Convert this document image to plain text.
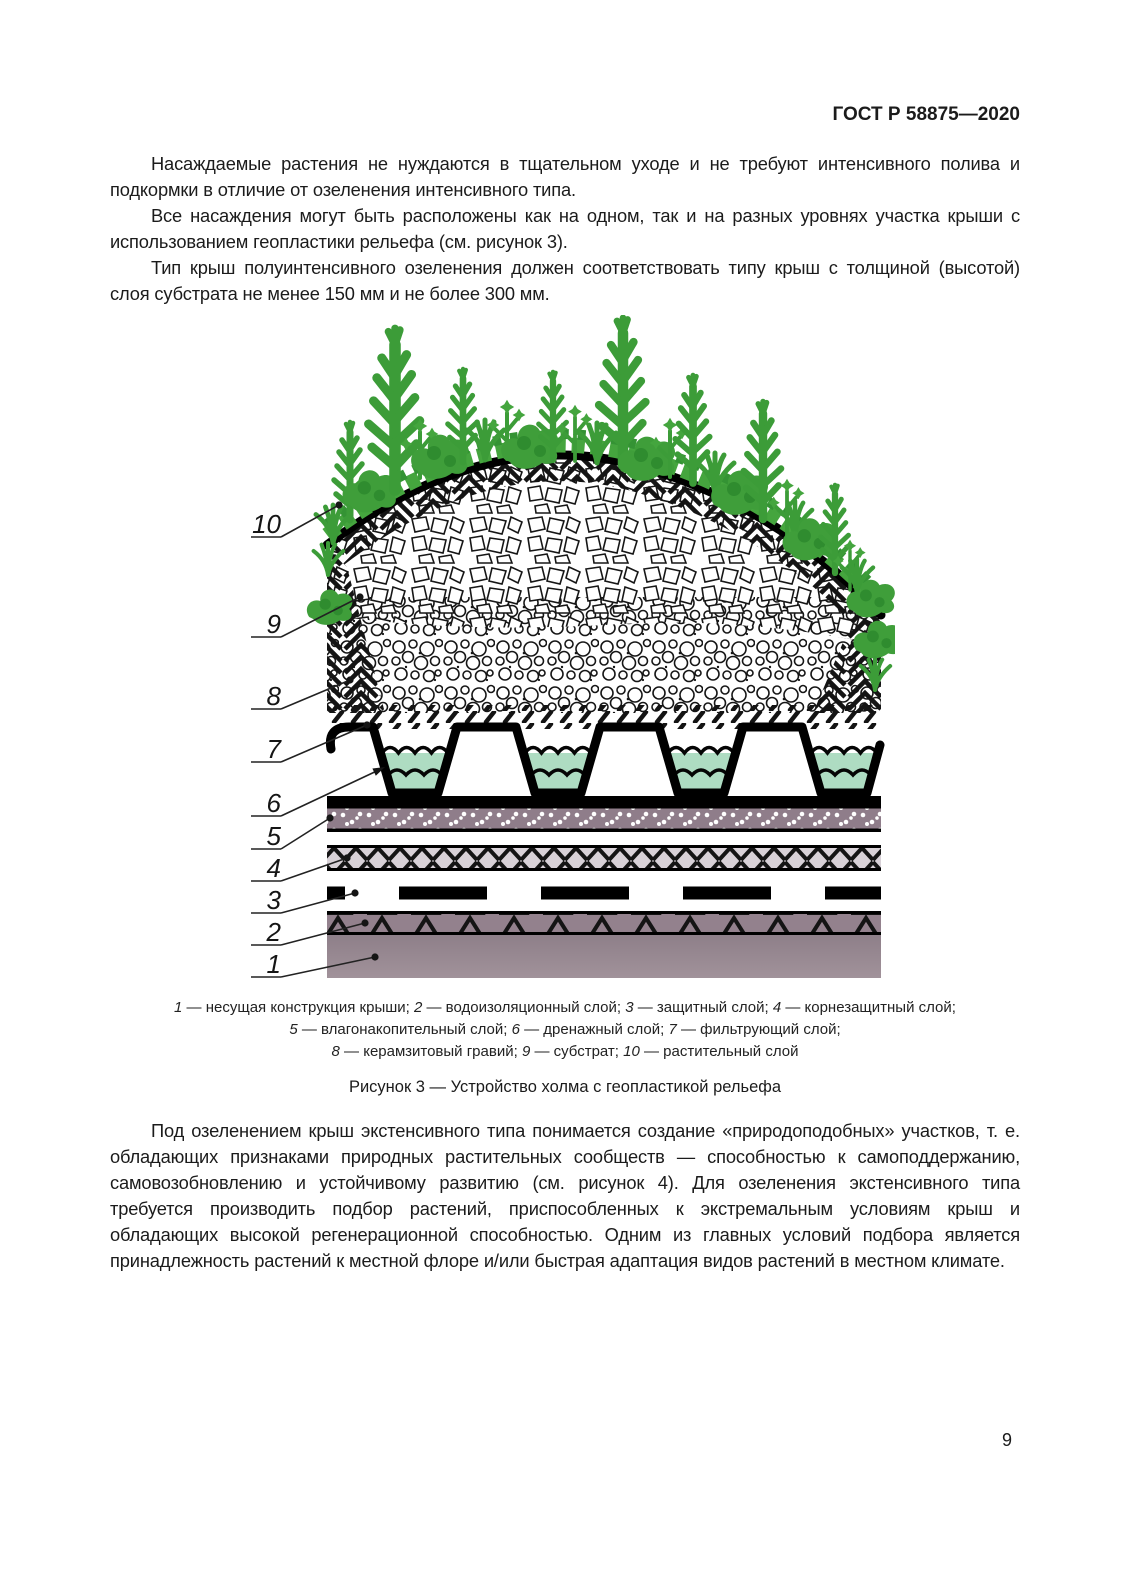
ГОСТ Р 58875—2020

Насаждаемые растения не нуждаются в тщательном уходе и не требуют интенсивного полива и подкормки в отличие от озеленения интенсивного типа.

Все насаждения могут быть расположены как на одном, так и на разных уровнях участка крыши с использованием геопластики рельефа (см. рисунок 3).

Тип крыш полуинтенсивного озеленения должен соответствовать типу крыш с толщиной (высотой) слоя субстрата не менее 150 мм и не более 300 мм.

10
9
8
7
6
5
4
3
2
1
1 — несущая конструкция крыши; 2 — водоизоляционный слой; 3 — защитный слой; 4 — корнезащитный слой;
5 — влагонакопительный слой; 6 — дренажный слой; 7 — фильтрующий слой;
8 — керамзитовый гравий; 9 — субстрат; 10 — растительный слой
Рисунок 3 — Устройство холма с геопластикой рельефа

Под озеленением крыш экстенсивного типа понимается создание «природоподобных» участков, т. е. обладающих признаками природных растительных сообществ — способностью к самоподдержанию, самовозобновлению и устойчивому развитию (см. рисунок 4). Для озеленения экстенсивного типа требуется производить подбор растений, приспособленных к экстремальным условиям крыш и обладающих высокой регенерационной способностью. Одним из главных условий подбора является принадлежность растений к местной флоре и/или быстрая адаптация видов растений в местном климате.

9
